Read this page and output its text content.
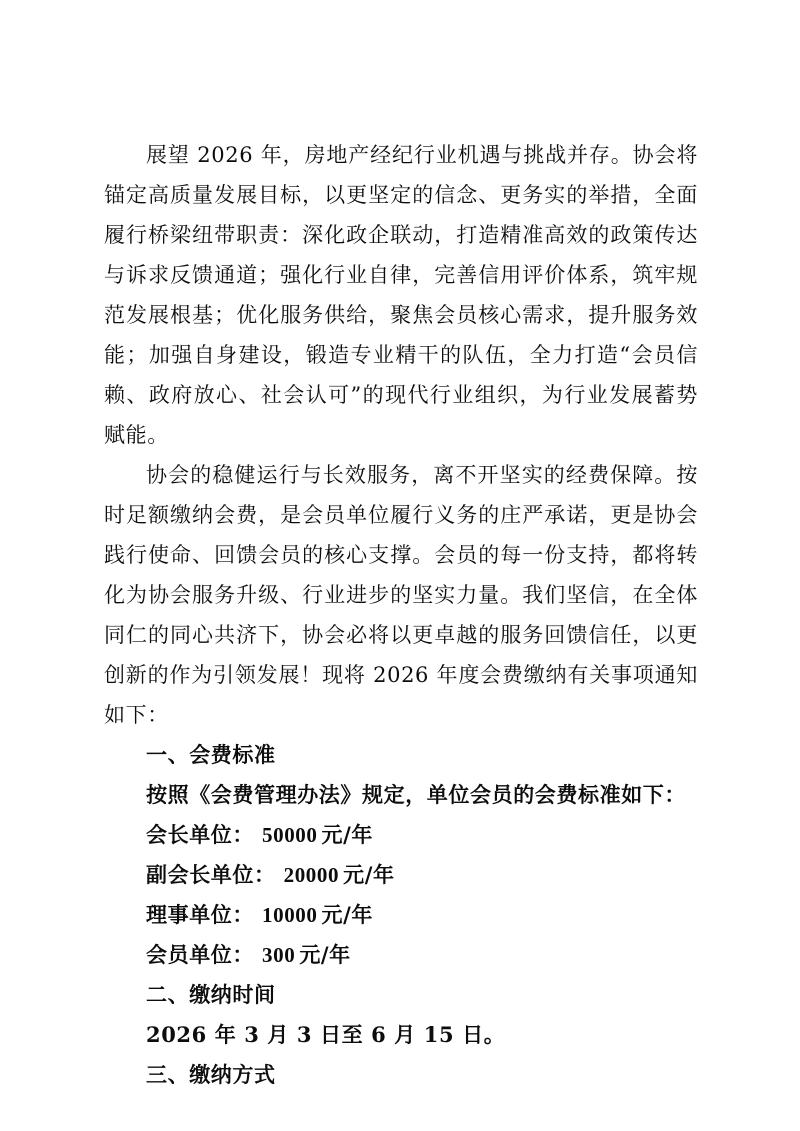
展望 2026 年，房地产经纪行业机遇与挑战并存。协会将锚定高质量发展目标，以更坚定的信念、更务实的举措，全面履行桥梁纽带职责：深化政企联动，打造精准高效的政策传达与诉求反馈通道；强化行业自律，完善信用评价体系，筑牢规范发展根基；优化服务供给，聚焦会员核心需求，提升服务效能；加强自身建设，锻造专业精干的队伍，全力打造“会员信赖、政府放心、社会认可”的现代行业组织，为行业发展蓄势赋能。

协会的稳健运行与长效服务，离不开坚实的经费保障。按时足额缴纳会费，是会员单位履行义务的庄严承诺，更是协会践行使命、回馈会员的核心支撑。会员的每一份支持，都将转化为协会服务升级、行业进步的坚实力量。我们坚信，在全体同仁的同心共济下，协会必将以更卓越的服务回馈信任，以更创新的作为引领发展！现将 2026 年度会费缴纳有关事项通知如下：

一、会费标准

按照《会费管理办法》规定，单位会员的会费标准如下：

会长单位： 50000 元/年

副会长单位： 20000 元/年

理事单位： 10000 元/年

会员单位： 300 元/年

二、缴纳时间

2026 年 3 月 3 日至 6 月 15 日。

三、缴纳方式
